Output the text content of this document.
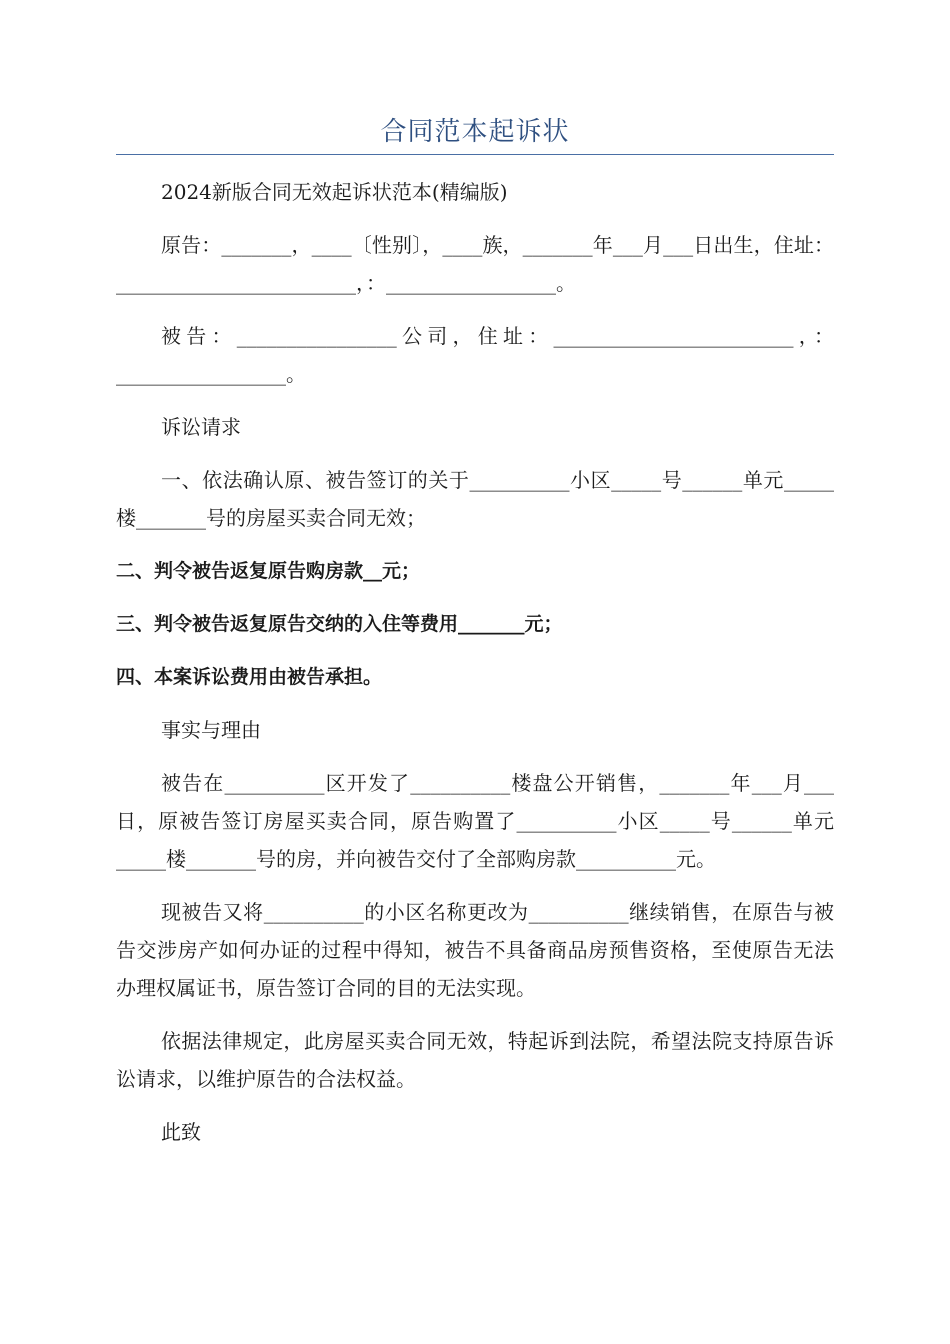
合同范本起诉状

2024新版合同无效起诉状范本(精编版)

原告：_______，____〔性别〕，____族，_______年___月___日出生，住址：________________________，：_________________。

被告：________________公司，住址：________________________，：_________________。

诉讼请求

一、依法确认原、被告签订的关于__________小区_____号______单元_____楼_______号的房屋买卖合同无效；

二、判令被告返复原告购房款__元；

三、判令被告返复原告交纳的入住等费用_______元；

四、本案诉讼费用由被告承担。

事实与理由

被告在__________区开发了__________楼盘公开销售，_______年___月___日，原被告签订房屋买卖合同，原告购置了__________小区_____号______单元_____楼_______号的房，并向被告交付了全部购房款__________元。

现被告又将__________的小区名称更改为__________继续销售，在原告与被告交涉房产如何办证的过程中得知，被告不具备商品房预售资格，至使原告无法办理权属证书，原告签订合同的目的无法实现。

依据法律规定，此房屋买卖合同无效，特起诉到法院，希望法院支持原告诉讼请求，以维护原告的合法权益。

此致
